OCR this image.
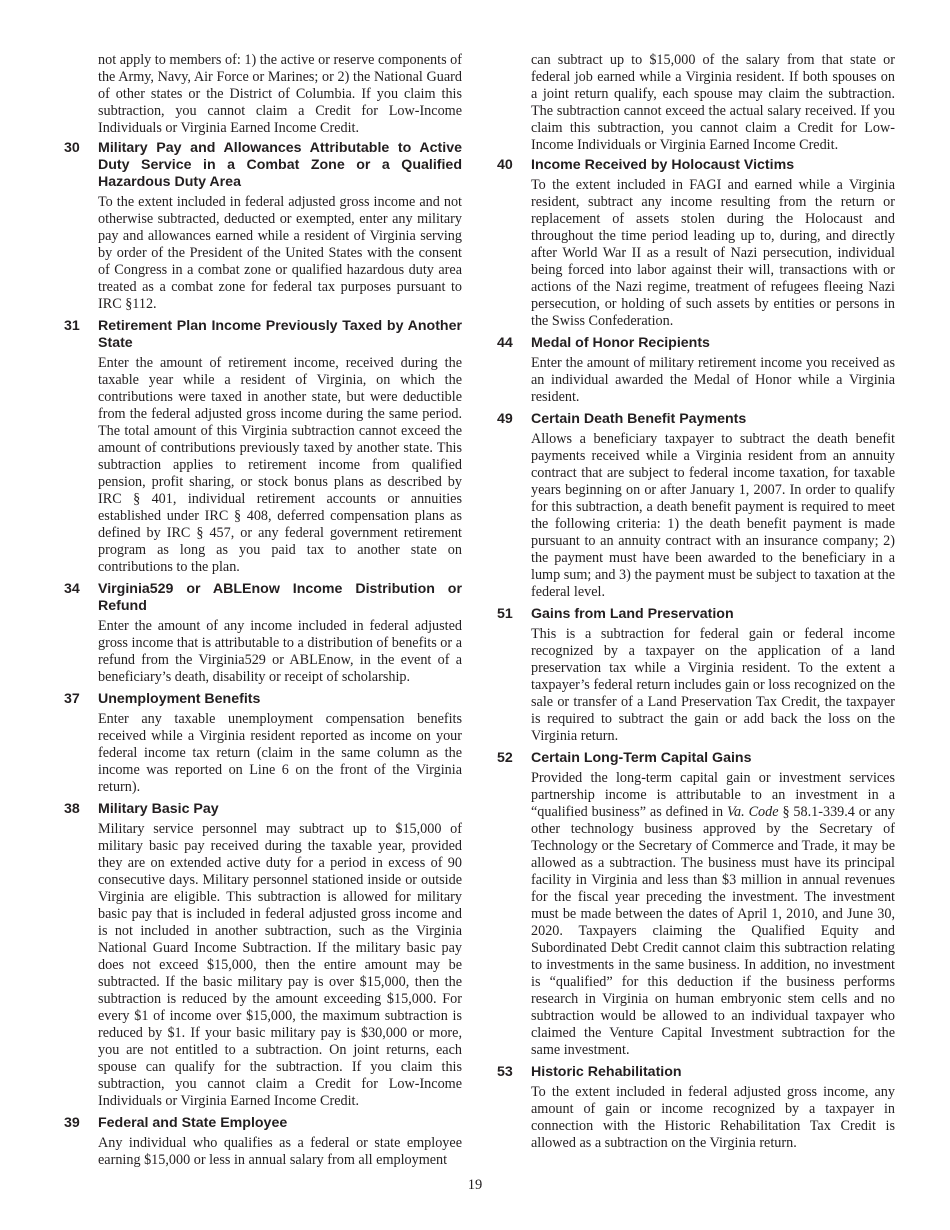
not apply to members of: 1) the active or reserve components of the Army, Navy, Air Force or Marines; or 2) the National Guard of other states or the District of Columbia. If you claim this subtraction, you cannot claim a Credit for Low-Income Individuals or Virginia Earned Income Credit.

30	Military Pay and Allowances Attributable to Active Duty Service in a Combat Zone or a Qualified Hazardous Duty Area

To the extent included in federal adjusted gross income and not otherwise subtracted, deducted or exempted, enter any military pay and allowances earned while a resident of Virginia serving by order of the President of the United States with the consent of Congress in a combat zone or qualified hazardous duty area treated as a combat zone for federal tax purposes pursuant to IRC §112.

31	Retirement Plan Income Previously Taxed by Another State

Enter the amount of retirement income, received during the taxable year while a resident of Virginia, on which the contributions were taxed in another state, but were deductible from the federal adjusted gross income during the same period. The total amount of this Virginia subtraction cannot exceed the amount of contributions previously taxed by another state. This subtraction applies to retirement income from qualified pension, profit sharing, or stock bonus plans as described by IRC § 401, individual retirement accounts or annuities established under IRC § 408, deferred compensation plans as defined by IRC § 457, or any federal government retirement program as long as you paid tax to another state on contributions to the plan.

34	Virginia529 or ABLEnow Income Distribution or Refund

Enter the amount of any income included in federal adjusted gross income that is attributable to a distribution of benefits or a refund from the Virginia529 or ABLEnow, in the event of a beneficiary’s death, disability or receipt of scholarship.

37	Unemployment Benefits

Enter any taxable unemployment compensation benefits received while a Virginia resident reported as income on your federal income tax return (claim in the same column as the income was reported on Line 6 on the front of the Virginia return).

38	Military Basic Pay

Military service personnel may subtract up to $15,000 of military basic pay received during the taxable year, provided they are on extended active duty for a period in excess of 90 consecutive days. Military personnel stationed inside or outside Virginia are eligible. This subtraction is allowed for military basic pay that is included in federal adjusted gross income and is not included in another subtraction, such as the Virginia National Guard Income Subtraction. If the military basic pay does not exceed $15,000, then the entire amount may be subtracted. If the basic military pay is over $15,000, then the subtraction is reduced by the amount exceeding $15,000. For every $1 of income over $15,000, the maximum subtraction is reduced by $1. If your basic military pay is $30,000 or more, you are not entitled to a subtraction. On joint returns, each spouse can qualify for the subtraction. If you claim this subtraction, you cannot claim a Credit for Low-Income Individuals or Virginia Earned Income Credit.

39	Federal and State Employee

Any individual who qualifies as a federal or state employee earning $15,000 or less in annual salary from all employment

can subtract up to $15,000 of the salary from that state or federal job earned while a Virginia resident. If both spouses on a joint return qualify, each spouse may claim the subtraction. The subtraction cannot exceed the actual salary received. If you claim this subtraction, you cannot claim a Credit for Low-Income Individuals or Virginia Earned Income Credit.

40	Income Received by Holocaust Victims

To the extent included in FAGI and earned while a Virginia resident, subtract any income resulting from the return or replacement of assets stolen during the Holocaust and throughout the time period leading up to, during, and directly after World War II as a result of Nazi persecution, individual being forced into labor against their will, transactions with or actions of the Nazi regime, treatment of refugees fleeing Nazi persecution, or holding of such assets by entities or persons in the Swiss Confederation.

44	Medal of Honor Recipients

Enter the amount of military retirement income you received as an individual awarded the Medal of Honor while a Virginia resident.

49	Certain Death Benefit Payments

Allows a beneficiary taxpayer to subtract the death benefit payments received while a Virginia resident from an annuity contract that are subject to federal income taxation, for taxable years beginning on or after January 1, 2007. In order to qualify for this subtraction, a death benefit payment is required to meet the following criteria: 1) the death benefit payment is made pursuant to an annuity contract with an insurance company; 2) the payment must have been awarded to the beneficiary in a lump sum; and 3) the payment must be subject to taxation at the federal level.

51	Gains from Land Preservation

This is a subtraction for federal gain or federal income recognized by a taxpayer on the application of a land preservation tax while a Virginia resident. To the extent a taxpayer’s federal return includes gain or loss recognized on the sale or transfer of a Land Preservation Tax Credit, the taxpayer is required to subtract the gain or add back the loss on the Virginia return.

52	Certain Long-Term Capital Gains

Provided the long-term capital gain or investment services partnership income is attributable to an investment in a “qualified business” as defined in Va. Code § 58.1-339.4 or any other technology business approved by the Secretary of Technology or the Secretary of Commerce and Trade, it may be allowed as a subtraction. The business must have its principal facility in Virginia and less than $3 million in annual revenues for the fiscal year preceding the investment. The investment must be made between the dates of April 1, 2010, and June 30, 2020. Taxpayers claiming the Qualified Equity and Subordinated Debt Credit cannot claim this subtraction relating to investments in the same business. In addition, no investment is “qualified” for this deduction if the business performs research in Virginia on human embryonic stem cells and no subtraction would be allowed to an individual taxpayer who claimed the Venture Capital Investment subtraction for the same investment.

53	Historic Rehabilitation

To the extent included in federal adjusted gross income, any amount of gain or income recognized by a taxpayer in connection with the Historic Rehabilitation Tax Credit is allowed as a subtraction on the Virginia return.

19
